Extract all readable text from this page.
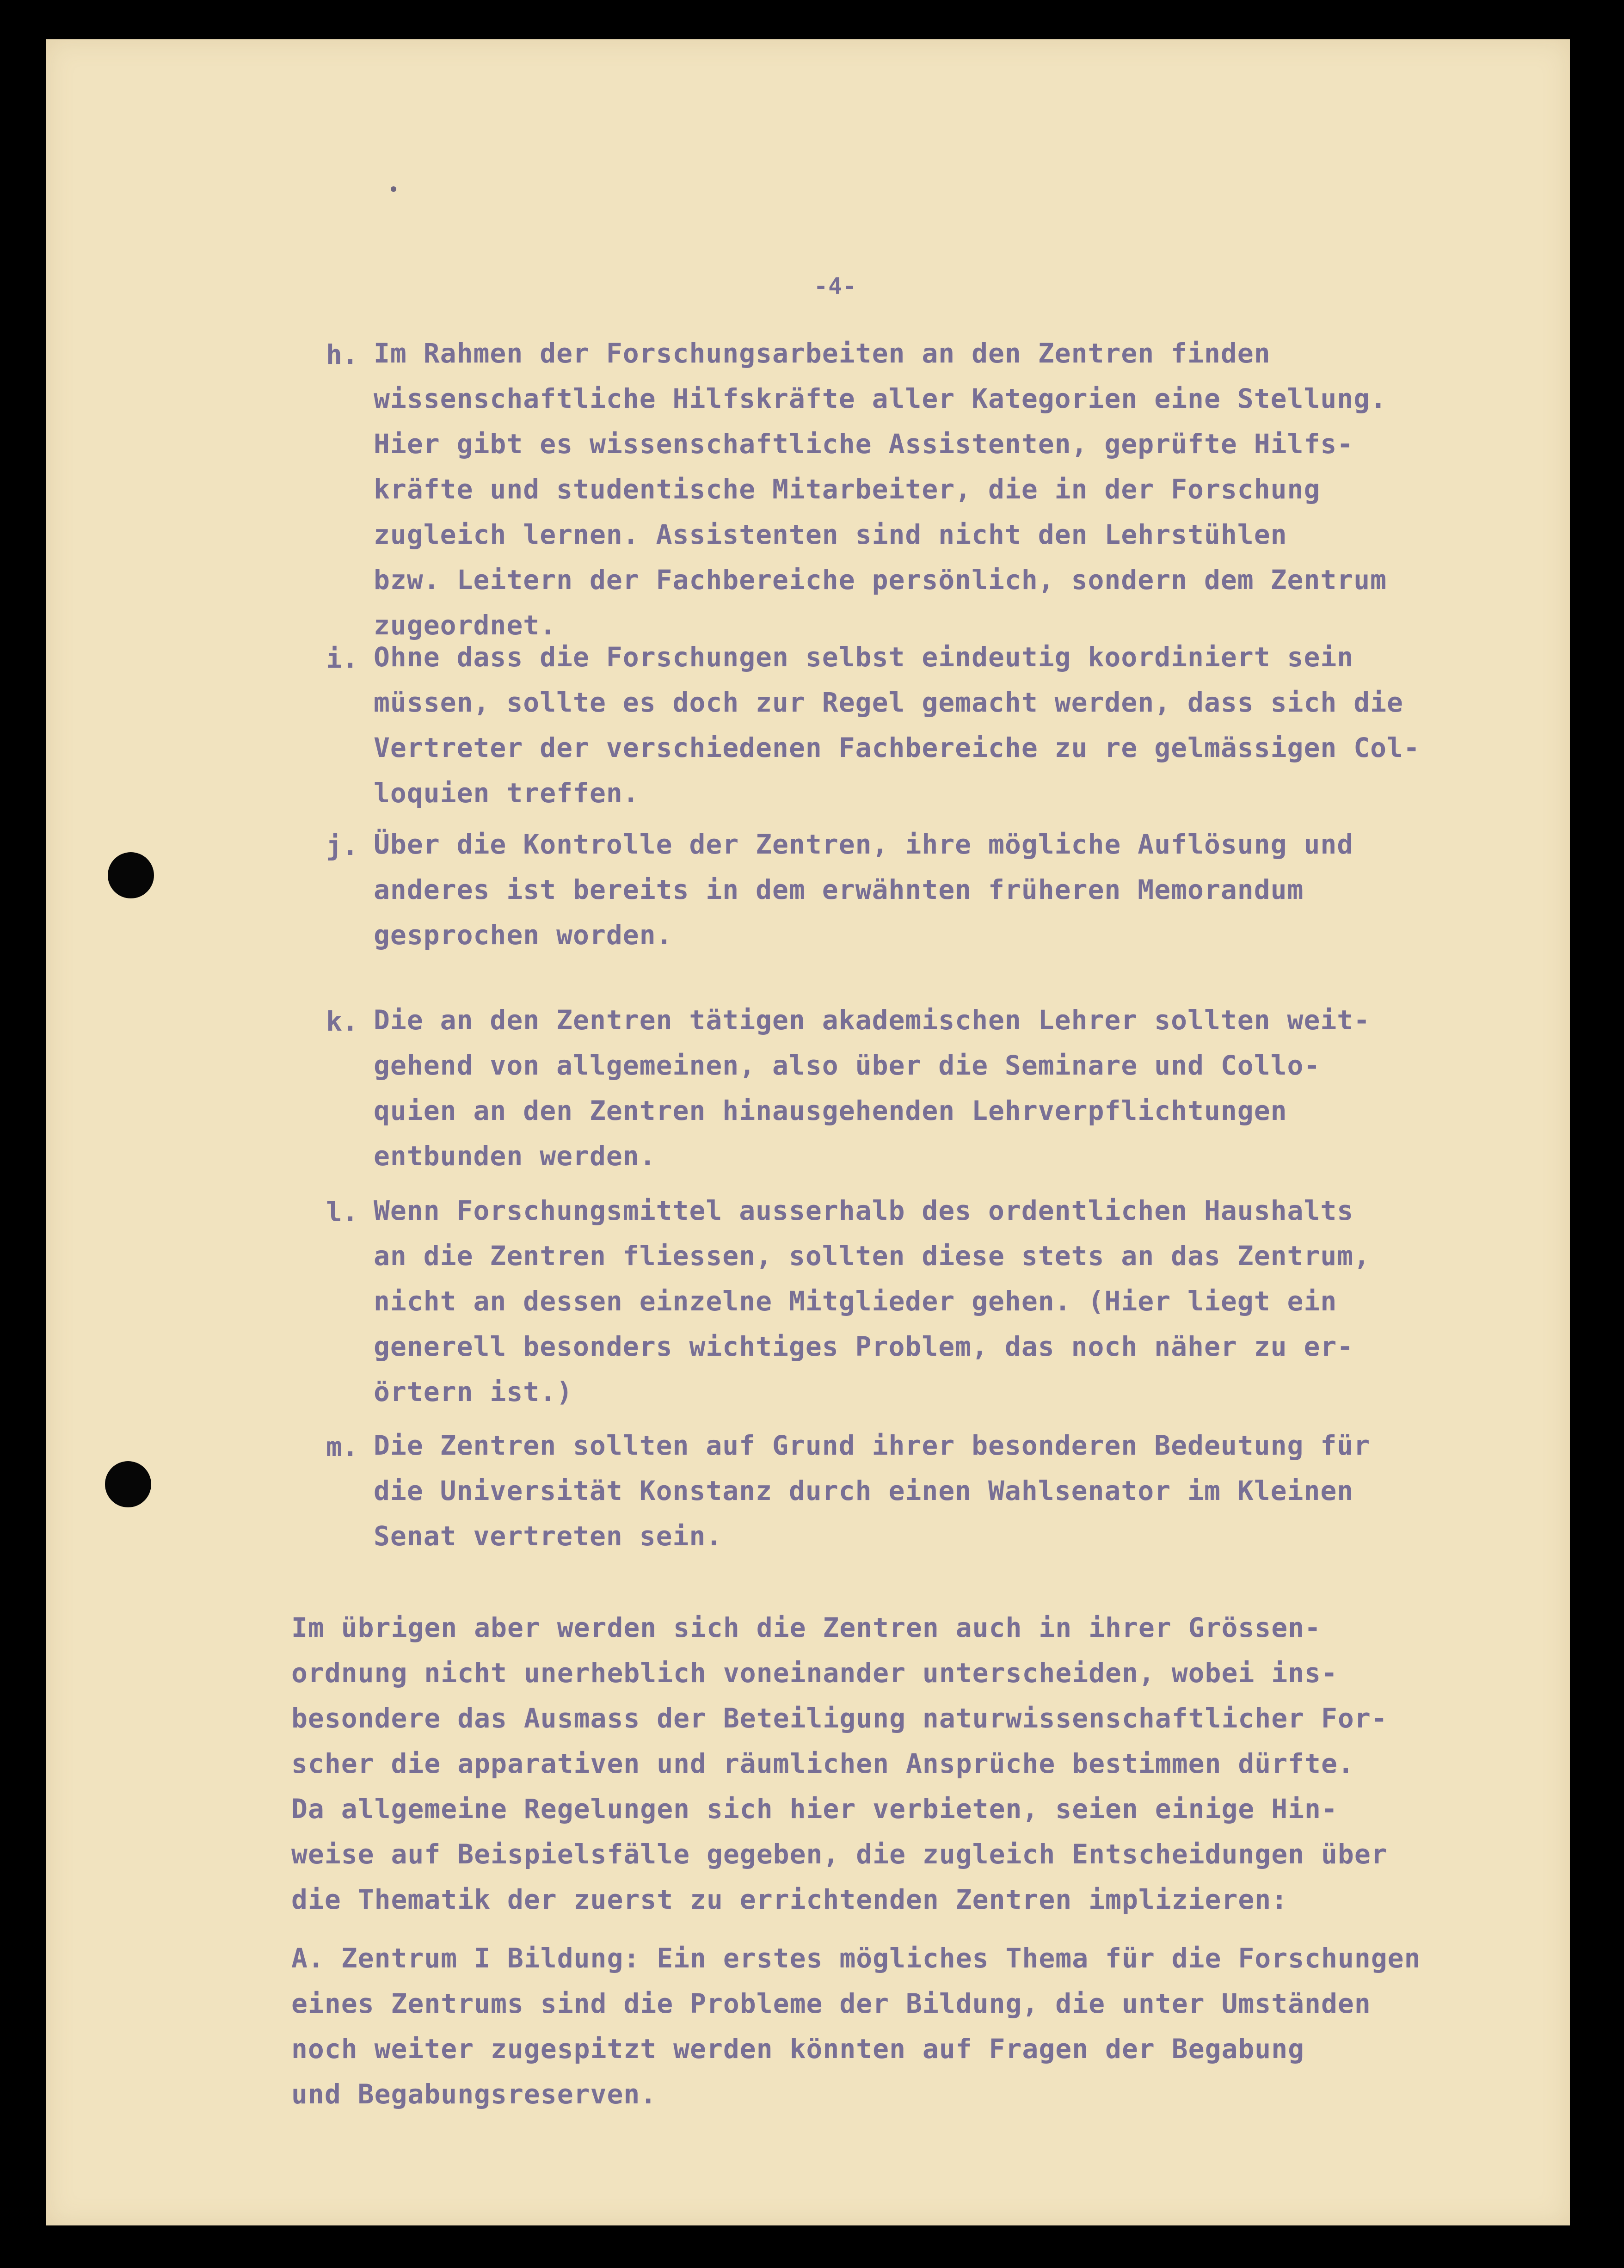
-4-
h. Im Rahmen der Forschungsarbeiten an den Zentren finden
wissenschaftliche Hilfskräfte aller Kategorien eine Stellung.
Hier gibt es wissenschaftliche Assistenten, geprüfte Hilfs-
kräfte und studentische Mitarbeiter, die in der Forschung
zugleich lernen. Assistenten sind nicht den Lehrstühlen
bzw. Leitern der Fachbereiche persönlich, sondern dem Zentrum
zugeordnet.
i. Ohne dass die Forschungen selbst eindeutig koordiniert sein
müssen, sollte es doch zur Regel gemacht werden, dass sich die
Vertreter der verschiedenen Fachbereiche zu re gelmässigen Col-
loquien treffen.
j. Über die Kontrolle der Zentren, ihre mögliche Auflösung und
anderes ist bereits in dem erwähnten früheren Memorandum
gesprochen worden.
k. Die an den Zentren tätigen akademischen Lehrer sollten weit-
gehend von allgemeinen, also über die Seminare und Collo-
quien an den Zentren hinausgehenden Lehrverpflichtungen
entbunden werden.
l. Wenn Forschungsmittel ausserhalb des ordentlichen Haushalts
an die Zentren fliessen, sollten diese stets an das Zentrum,
nicht an dessen einzelne Mitglieder gehen. (Hier liegt ein
generell besonders wichtiges Problem, das noch näher zu er-
örtern ist.)
m. Die Zentren sollten auf Grund ihrer besonderen Bedeutung für
die Universität Konstanz durch einen Wahlsenator im Kleinen
Senat vertreten sein.
Im übrigen aber werden sich die Zentren auch in ihrer Grössen-
ordnung nicht unerheblich voneinander unterscheiden, wobei ins-
besondere das Ausmass der Beteiligung naturwissenschaftlicher For-
scher die apparativen und räumlichen Ansprüche bestimmen dürfte.
Da allgemeine Regelungen sich hier verbieten, seien einige Hin-
weise auf Beispielsfälle gegeben, die zugleich Entscheidungen über
die Thematik der zuerst zu errichtenden Zentren implizieren:
A. Zentrum I Bildung: Ein erstes mögliches Thema für die Forschungen
eines Zentrums sind die Probleme der Bildung, die unter Umständen
noch weiter zugespitzt werden könnten auf Fragen der Begabung
und Begabungsreserven.
